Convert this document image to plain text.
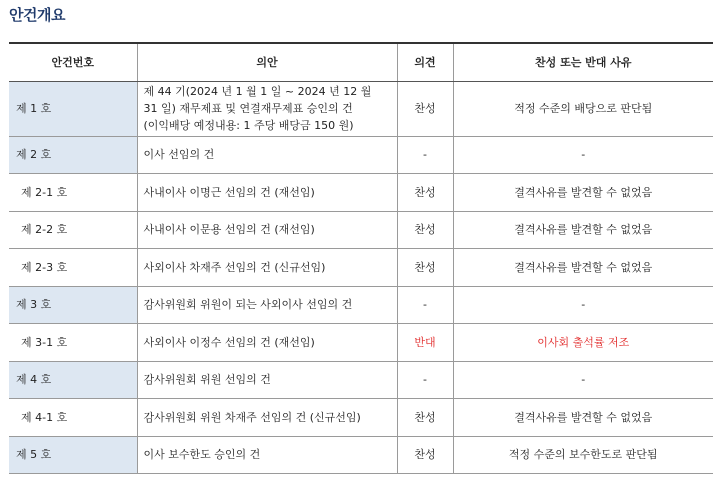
안건개요
안건번호	의안	의견	찬성 또는 반대 사유
제 1 호	제 44 기(2024 년 1 월 1 일 ~ 2024 년 12 월
31 일) 재무제표 및 연결재무제표 승인의 건
(이익배당 예정내용: 1 주당 배당금 150 원)	찬성	적정 수준의 배당으로 판단됨
제 2 호	이사 선임의 건	-	-
제 2-1 호	사내이사 이명근 선임의 건 (재선임)	찬성	결격사유를 발견할 수 없었음
제 2-2 호	사내이사 이문용 선임의 건 (재선임)	찬성	결격사유를 발견할 수 없었음
제 2-3 호	사외이사 차재주 선임의 건 (신규선임)	찬성	결격사유를 발견할 수 없었음
제 3 호	감사위원회 위원이 되는 사외이사 선임의 건	-	-
제 3-1 호	사외이사 이정수 선임의 건 (재선임)	반대	이사회 출석률 저조
제 4 호	감사위원회 위원 선임의 건	-	-
제 4-1 호	감사위원회 위원 차재주 선임의 건 (신규선임)	찬성	결격사유를 발견할 수 없었음
제 5 호	이사 보수한도 승인의 건	찬성	적정 수준의 보수한도로 판단됨
